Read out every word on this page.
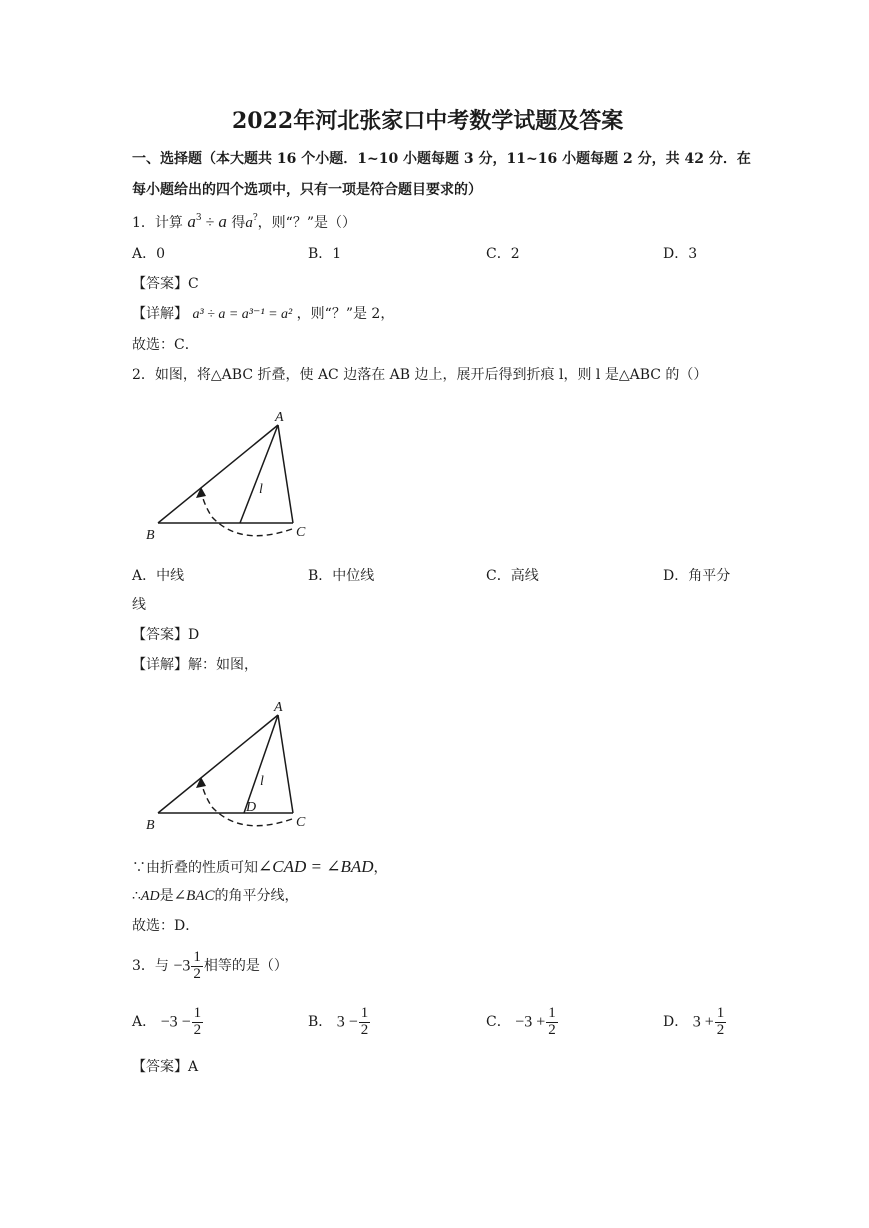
2022年河北张家口中考数学试题及答案
一、选择题（本大题共 16 个小题．1~10 小题每题 3 分，11~16 小题每题 2 分，共 42 分．在
每小题给出的四个选项中，只有一项是符合题目要求的）
1．计算 $a^3 \div a$ 得a?，则“？”是（）
A．0	B．1	C．2	D．3
【答案】C
【详解】 a³ ÷ a = a³⁻¹ = a² ，则“？”是 2，
故选：C．
2．如图，将△ABC 折叠，使 AC 边落在 AB 边上，展开后得到折痕 l，则 l 是△ABC 的（）
A
B	C
l
A．中线	B．中位线	C．高线	D．角平分
线
【答案】D
【详解】解：如图，
A
B	C
D
l
∵由折叠的性质可知∠CAD = ∠BAD，
∴AD是∠BAC的角平分线，
故选：D．
3．与 $-3 \frac{1}{2}$ 相等的是（）
A． $-3 - \frac{1}{2}$	B． $3 - \frac{1}{2}$	C． $-3 + \frac{1}{2}$	D． $3 + \frac{1}{2}$
【答案】A
